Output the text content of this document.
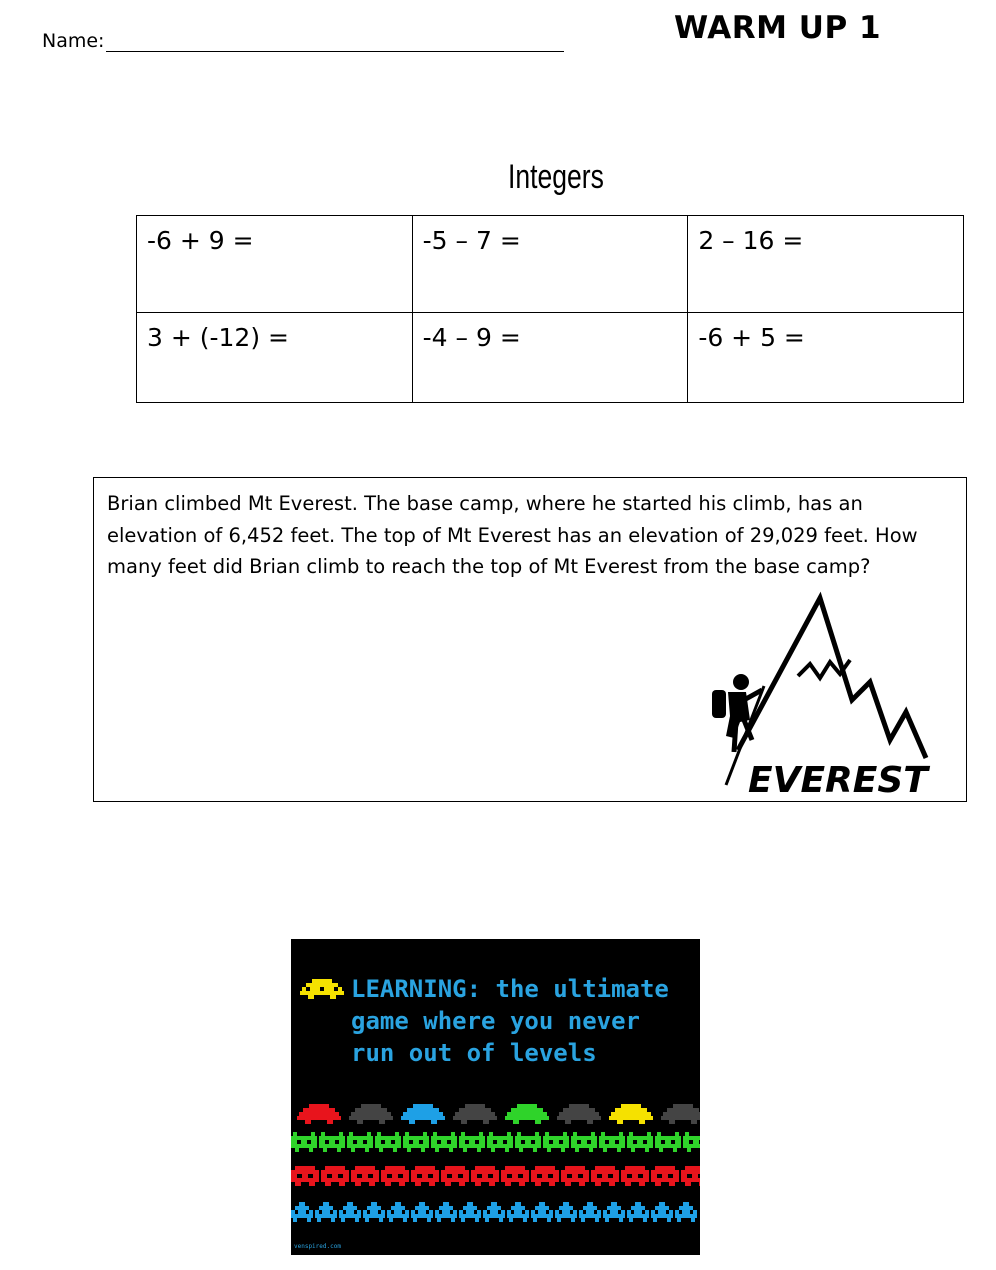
Name:	WARM UP 1
Integers
-6 + 9 =	-5 – 7 =	2 – 16 =
3 + (-12) =	-4 – 9 =	-6 + 5 =
Brian climbed Mt Everest. The base camp, where he started his climb, has an elevation of 6,452 feet. The top of Mt Everest has an elevation of 29,029 feet. How many feet did Brian climb to reach the top of Mt Everest from the base camp?
EVEREST
LEARNING: the ultimate
game where you never
run out of levels
venspired.com
